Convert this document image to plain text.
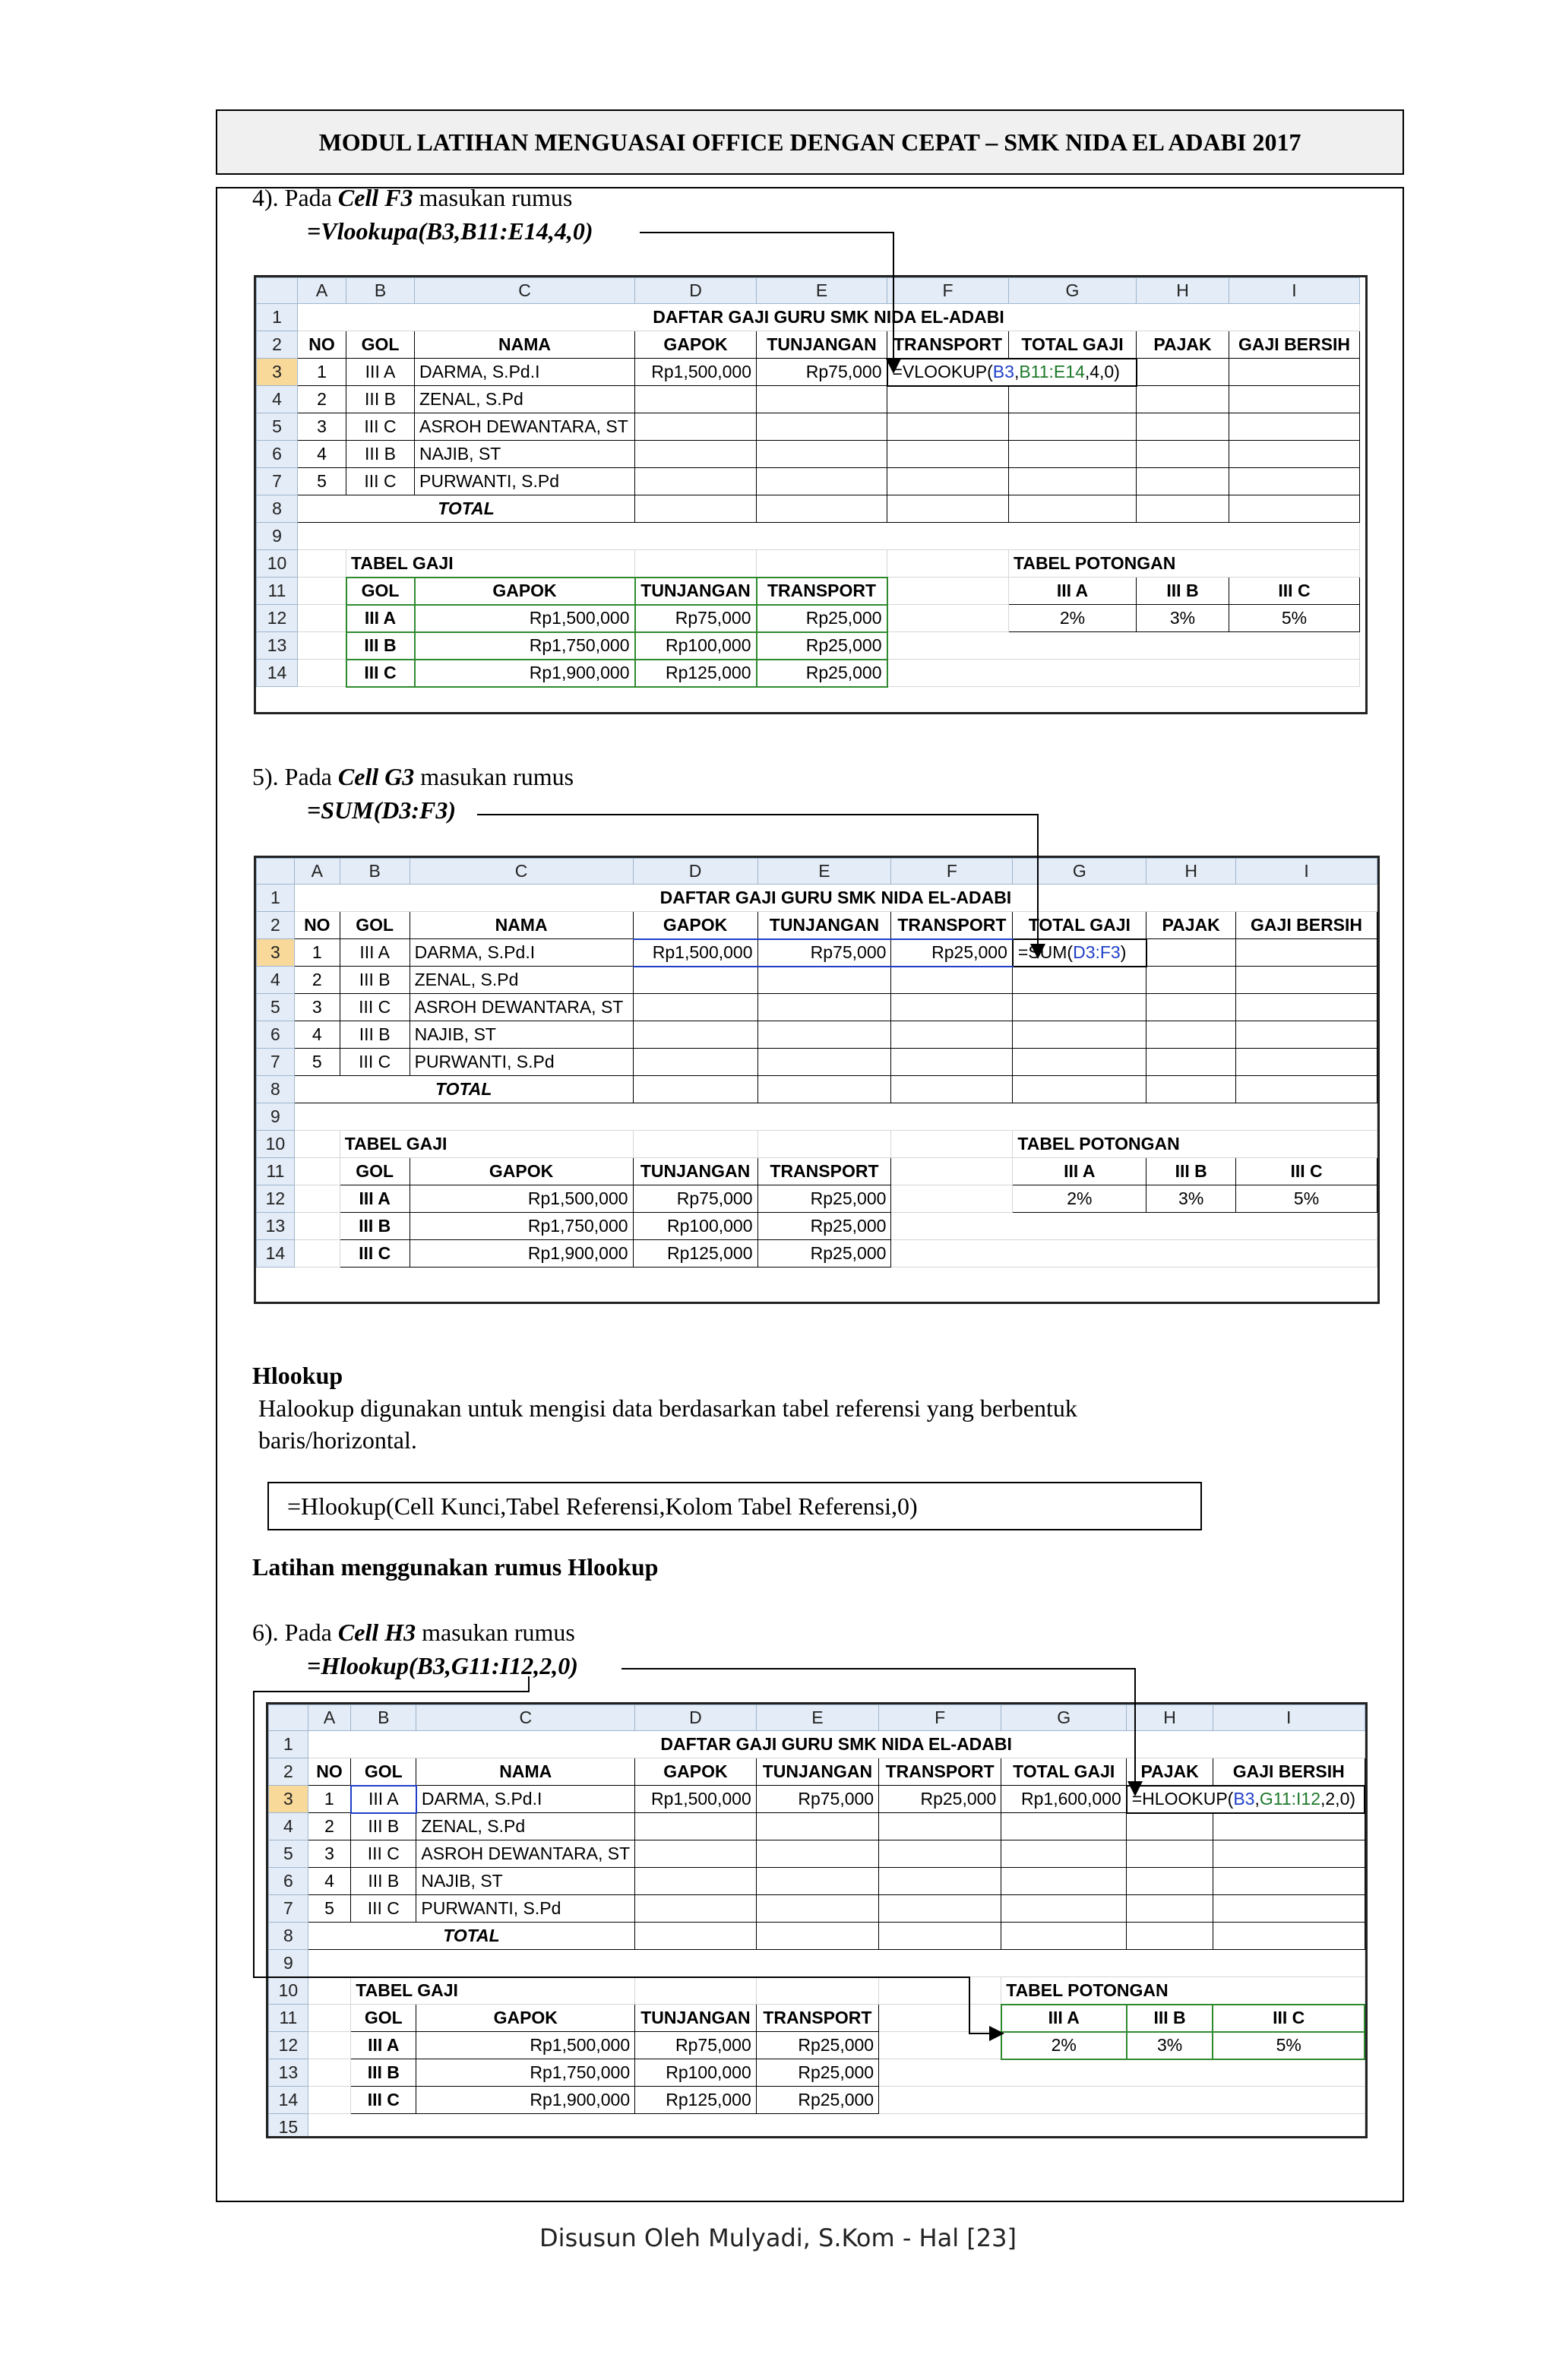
MODUL LATIHAN MENGUASAI OFFICE DENGAN CEPAT – SMK NIDA EL ADABI 2017
4). Pada Cell F3 masukan rumus
=Vlookupa(B3,B11:E14,4,0)
	A	B	C	D	E	F	G	H	I
1	DAFTAR GAJI GURU SMK NIDA EL-ADABI								
2	NO	GOL	NAMA	GAPOK	TUNJANGAN	TRANSPORT	TOTAL GAJI	PAJAK	GAJI BERSIH
3	1	III A	DARMA, S.Pd.I	Rp1,500,000	Rp75,000	=VLOOKUP(B3,B11:E14,4,0)			
4	2	III B	ZENAL, S.Pd						
5	3	III C	ASROH DEWANTARA, ST						
6	4	III B	NAJIB, ST						
7	5	III C	PURWANTI, S.Pd						
8	TOTAL								
9									
10		TABEL GAJI					TABEL POTONGAN		
11		GOL	GAPOK	TUNJANGAN	TRANSPORT		III A	III B	III C
12		III A	Rp1,500,000	Rp75,000	Rp25,000		2%	3%	5%
13		III B	Rp1,750,000	Rp100,000	Rp25,000				
14		III C	Rp1,900,000	Rp125,000	Rp25,000				
5). Pada Cell G3 masukan rumus
=SUM(D3:F3)
	A	B	C	D	E	F	G	H	I
1	DAFTAR GAJI GURU SMK NIDA EL-ADABI								
2	NO	GOL	NAMA	GAPOK	TUNJANGAN	TRANSPORT	TOTAL GAJI	PAJAK	GAJI BERSIH
3	1	III A	DARMA, S.Pd.I	Rp1,500,000	Rp75,000	Rp25,000	=SUM(D3:F3)		
4	2	III B	ZENAL, S.Pd						
5	3	III C	ASROH DEWANTARA, ST						
6	4	III B	NAJIB, ST						
7	5	III C	PURWANTI, S.Pd						
8	TOTAL								
9									
10		TABEL GAJI					TABEL POTONGAN		
11		GOL	GAPOK	TUNJANGAN	TRANSPORT		III A	III B	III C
12		III A	Rp1,500,000	Rp75,000	Rp25,000		2%	3%	5%
13		III B	Rp1,750,000	Rp100,000	Rp25,000				
14		III C	Rp1,900,000	Rp125,000	Rp25,000				
Hlookup
Halookup digunakan untuk mengisi data berdasarkan tabel referensi yang berbentuk
baris/horizontal.
=Hlookup(Cell Kunci,Tabel Referensi,Kolom Tabel Referensi,0)
Latihan menggunakan rumus Hlookup
6). Pada Cell H3 masukan rumus
=Hlookup(B3,G11:I12,2,0)
	A	B	C	D	E	F	G	H	I
1	DAFTAR GAJI GURU SMK NIDA EL-ADABI								
2	NO	GOL	NAMA	GAPOK	TUNJANGAN	TRANSPORT	TOTAL GAJI	PAJAK	GAJI BERSIH
3	1	III A	DARMA, S.Pd.I	Rp1,500,000	Rp75,000	Rp25,000	Rp1,600,000	=HLOOKUP(B3,G11:I12,2,0)	
4	2	III B	ZENAL, S.Pd						
5	3	III C	ASROH DEWANTARA, ST						
6	4	III B	NAJIB, ST						
7	5	III C	PURWANTI, S.Pd						
8	TOTAL								
9									
10		TABEL GAJI					TABEL POTONGAN		
11		GOL	GAPOK	TUNJANGAN	TRANSPORT		III A	III B	III C
12		III A	Rp1,500,000	Rp75,000	Rp25,000		2%	3%	5%
13		III B	Rp1,750,000	Rp100,000	Rp25,000				
14		III C	Rp1,900,000	Rp125,000	Rp25,000				
15									
Disusun Oleh Mulyadi, S.Kom - Hal [23]
